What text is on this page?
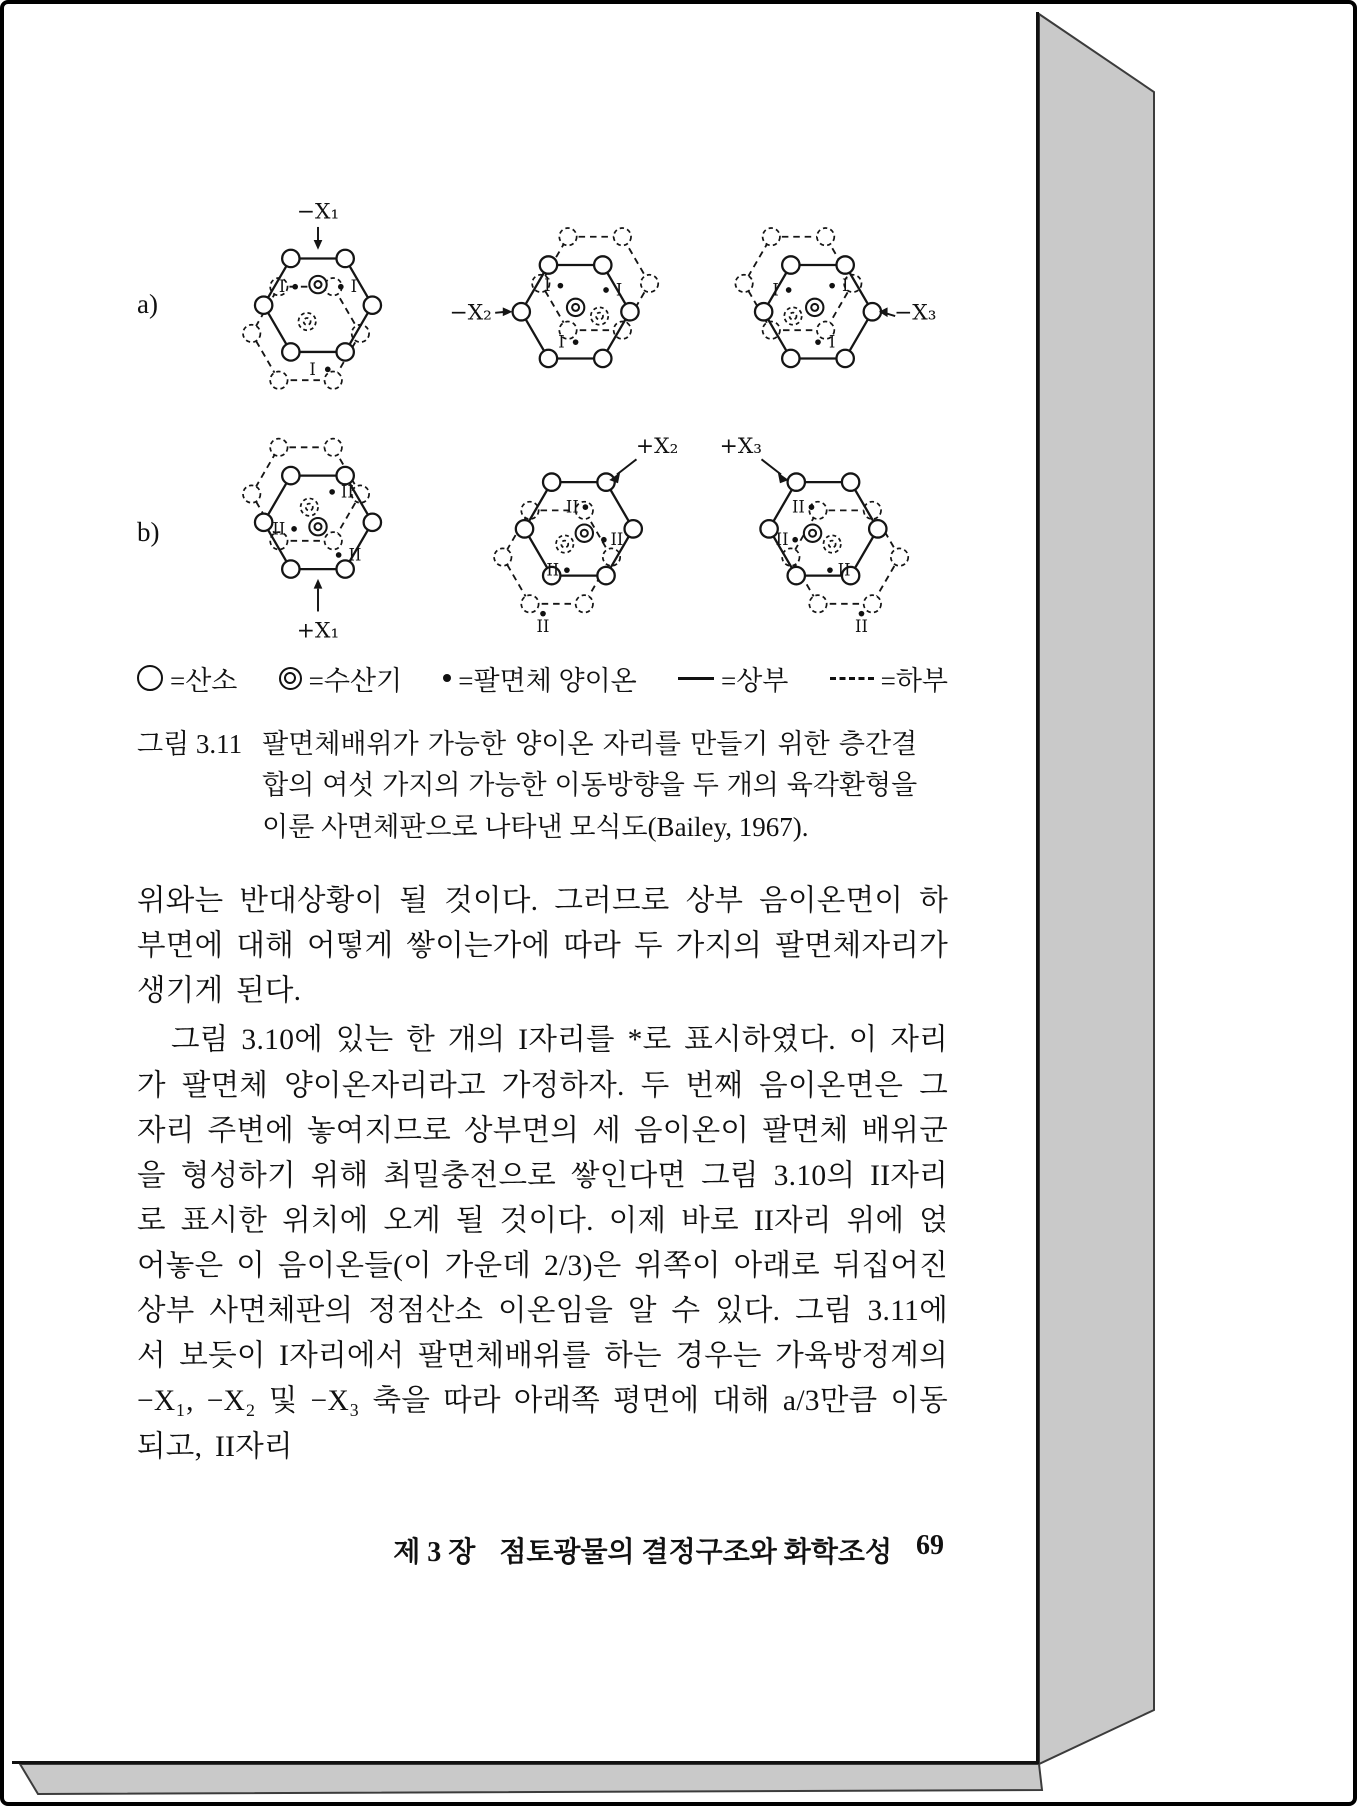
a)
I	I
I
−X₁
I	I
I
−X₂
I
I
I
−X₃
b)
II
II
II
+X₁
II
II
II
II
+X₂
II
II
II
II
+X₃
=산소	=수산기 =팔면체 양이온	=상부	=하부
그림 3.11 팔면체배위가 가능한 양이온 자리를 만들기 위한 층간결합의 여섯 가지의 가능한 이동방향을 두 개의 육각환형을 이룬 사면체판으로 나타낸 모식도(Bailey, 1967).

위와는 반대상황이 될 것이다. 그러므로 상부 음이온면이 하부면에 대해 어떻게 쌓이는가에 따라 두 가지의 팔면체자리가 생기게 된다.

그림 3.10에 있는 한 개의 I자리를 *로 표시하였다. 이 자리가 팔면체 양이온자리라고 가정하자. 두 번째 음이온면은 그 자리 주변에 놓여지므로 상부면의 세 음이온이 팔면체 배위군을 형성하기 위해 최밀충전으로 쌓인다면 그림 3.10의 II자리로 표시한 위치에 오게 될 것이다. 이제 바로 II자리 위에 얹어놓은 이 음이온들(이 가운데 2/3)은 위쪽이 아래로 뒤집어진 상부 사면체판의 정점산소 이온임을 알 수 있다. 그림 3.11에서 보듯이 I자리에서 팔면체배위를 하는 경우는 가육방정계의 −X₁, −X₂ 및 −X₃ 축을 따라 아래쪽 평면에 대해 a/3만큼 이동되고, II자리

제 3 장 점토광물의 결정구조와 화학조성 69
